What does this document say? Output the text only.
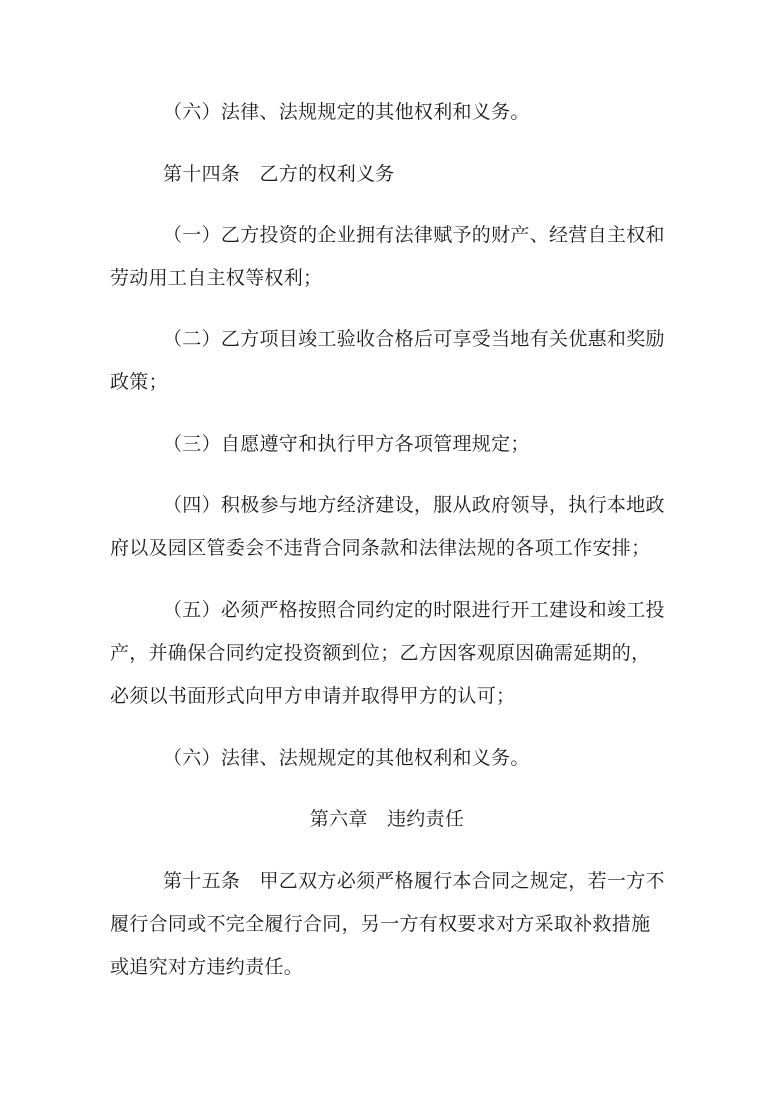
（六）法律、法规规定的其他权利和义务。
第十四条　乙方的权利义务
（一）乙方投资的企业拥有法律赋予的财产、经营自主权和
劳动用工自主权等权利；
（二）乙方项目竣工验收合格后可享受当地有关优惠和奖励
政策；
（三）自愿遵守和执行甲方各项管理规定；
（四）积极参与地方经济建设，服从政府领导，执行本地政
府以及园区管委会不违背合同条款和法律法规的各项工作安排；
（五）必须严格按照合同约定的时限进行开工建设和竣工投
产，并确保合同约定投资额到位；乙方因客观原因确需延期的，
必须以书面形式向甲方申请并取得甲方的认可；
（六）法律、法规规定的其他权利和义务。
第六章　违约责任
第十五条　甲乙双方必须严格履行本合同之规定，若一方不
履行合同或不完全履行合同，另一方有权要求对方采取补救措施
或追究对方违约责任。
